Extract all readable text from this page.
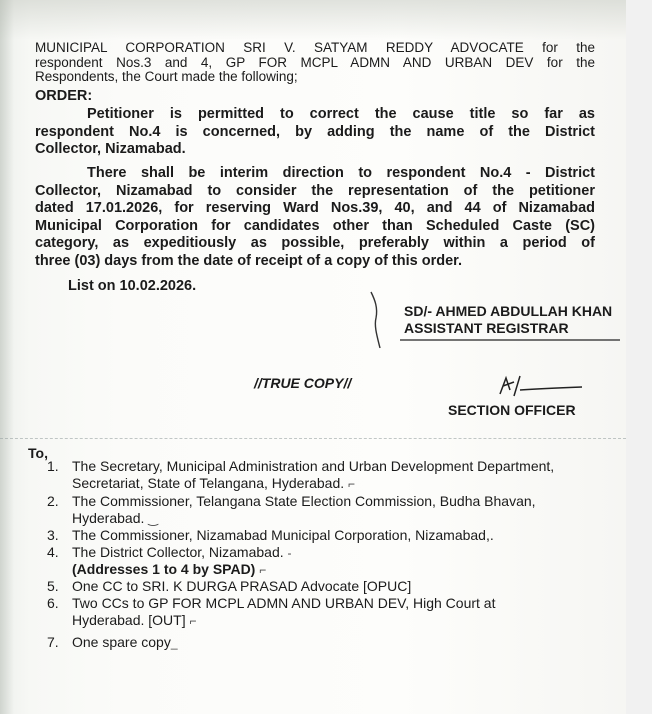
MUNICIPAL CORPORATION SRI V. SATYAM REDDY ADVOCATE for the

respondent Nos.3 and 4, GP FOR MCPL ADMN AND URBAN DEV for the

Respondents, the Court made the following;

ORDER:

Petitioner is permitted to correct the cause title so far as

respondent No.4 is concerned, by adding the name of the District

Collector, Nizamabad.

There shall be interim direction to respondent No.4 - District

Collector, Nizamabad to consider the representation of the petitioner

dated 17.01.2026, for reserving Ward Nos.39, 40, and 44 of Nizamabad

Municipal Corporation for candidates other than Scheduled Caste (SC)

category, as expeditiously as possible, preferably within a period of

three (03) days from the date of receipt of a copy of this order.

List on 10.02.2026.
SD/- AHMED ABDULLAH KHAN
ASSISTANT REGISTRAR
//TRUE COPY//
SECTION OFFICER
To,
1. The Secretary, Municipal Administration and Urban Development Department,
Secretariat, State of Telangana, Hyderabad. ⌐
2. The Commissioner, Telangana State Election Commission, Budha Bhavan,
Hyderabad. ‿
3. The Commissioner, Nizamabad Municipal Corporation, Nizamabad,.
4. The District Collector, Nizamabad. -
(Addresses 1 to 4 by SPAD) ⌐
5. One CC to SRI. K DURGA PRASAD Advocate [OPUC]
6. Two CCs to GP FOR MCPL ADMN AND URBAN DEV, High Court at
Hyderabad. [OUT] ⌐
7. One spare copy_
